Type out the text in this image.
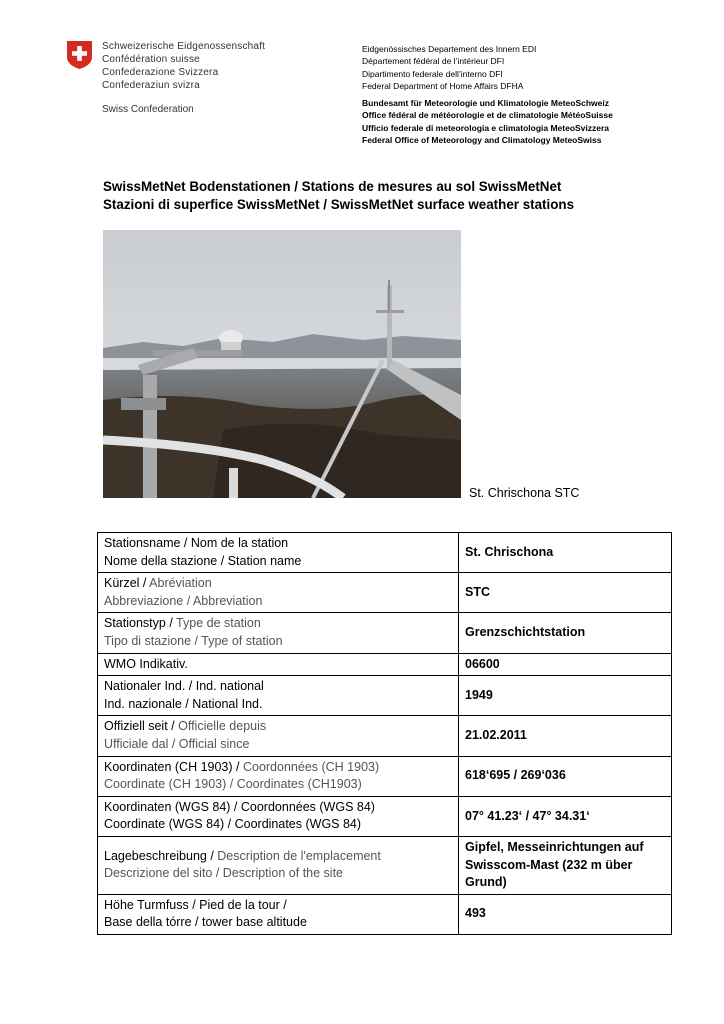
Schweizerische Eidgenossenschaft
Confédération suisse
Confederazione Svizzera
Confederaziun svizra
Swiss Confederation
Eidgenössisches Departement des Innern EDI
Département fédéral de l’intérieur DFI
Dipartimento federale dell’interno DFI
Federal Department of Home Affairs DFHA
Bundesamt für Meteorologie und Klimatologie MeteoSchweiz
Office fédéral de météorologie et de climatologie MétéoSuisse
Ufficio federale di meteorologia e climatologia MeteoSvizzera
Federal Office of Meteorology and Climatology MeteoSwiss
SwissMetNet Bodenstationen / Stations de mesures au sol SwissMetNet
Stazioni di superfice SwissMetNet / SwissMetNet surface weather stations
St. Chrischona STC
Stationsname / Nom de la station
Nome della stazione / Station name	St. Chrischona
Kürzel / Abréviation
Abbreviazione / Abbreviation	STC
Stationstyp / Type de station
Tipo di stazione / Type of station	Grenzschichtstation
WMO Indikativ.	06600
Nationaler Ind. / Ind. national
Ind. nazionale / National Ind.	1949
Offiziell seit / Officielle depuis
Ufficiale dal / Official since	21.02.2011
Koordinaten (CH 1903) / Coordonnées (CH 1903)
Coordinate (CH 1903) / Coordinates (CH1903)	618‘695 / 269‘036
Koordinaten (WGS 84) / Coordonnées (WGS 84)
Coordinate (WGS 84) / Coordinates (WGS 84)	07° 41.23‘ / 47° 34.31‘
Lagebeschreibung / Description de l'emplacement
Descrizione del sito / Description of the site	Gipfel, Messeinrichtungen auf Swisscom-Mast (232 m über Grund)
Höhe Turmfuss / Pied de la tour /
Base della tórre / tower base altitude	493
